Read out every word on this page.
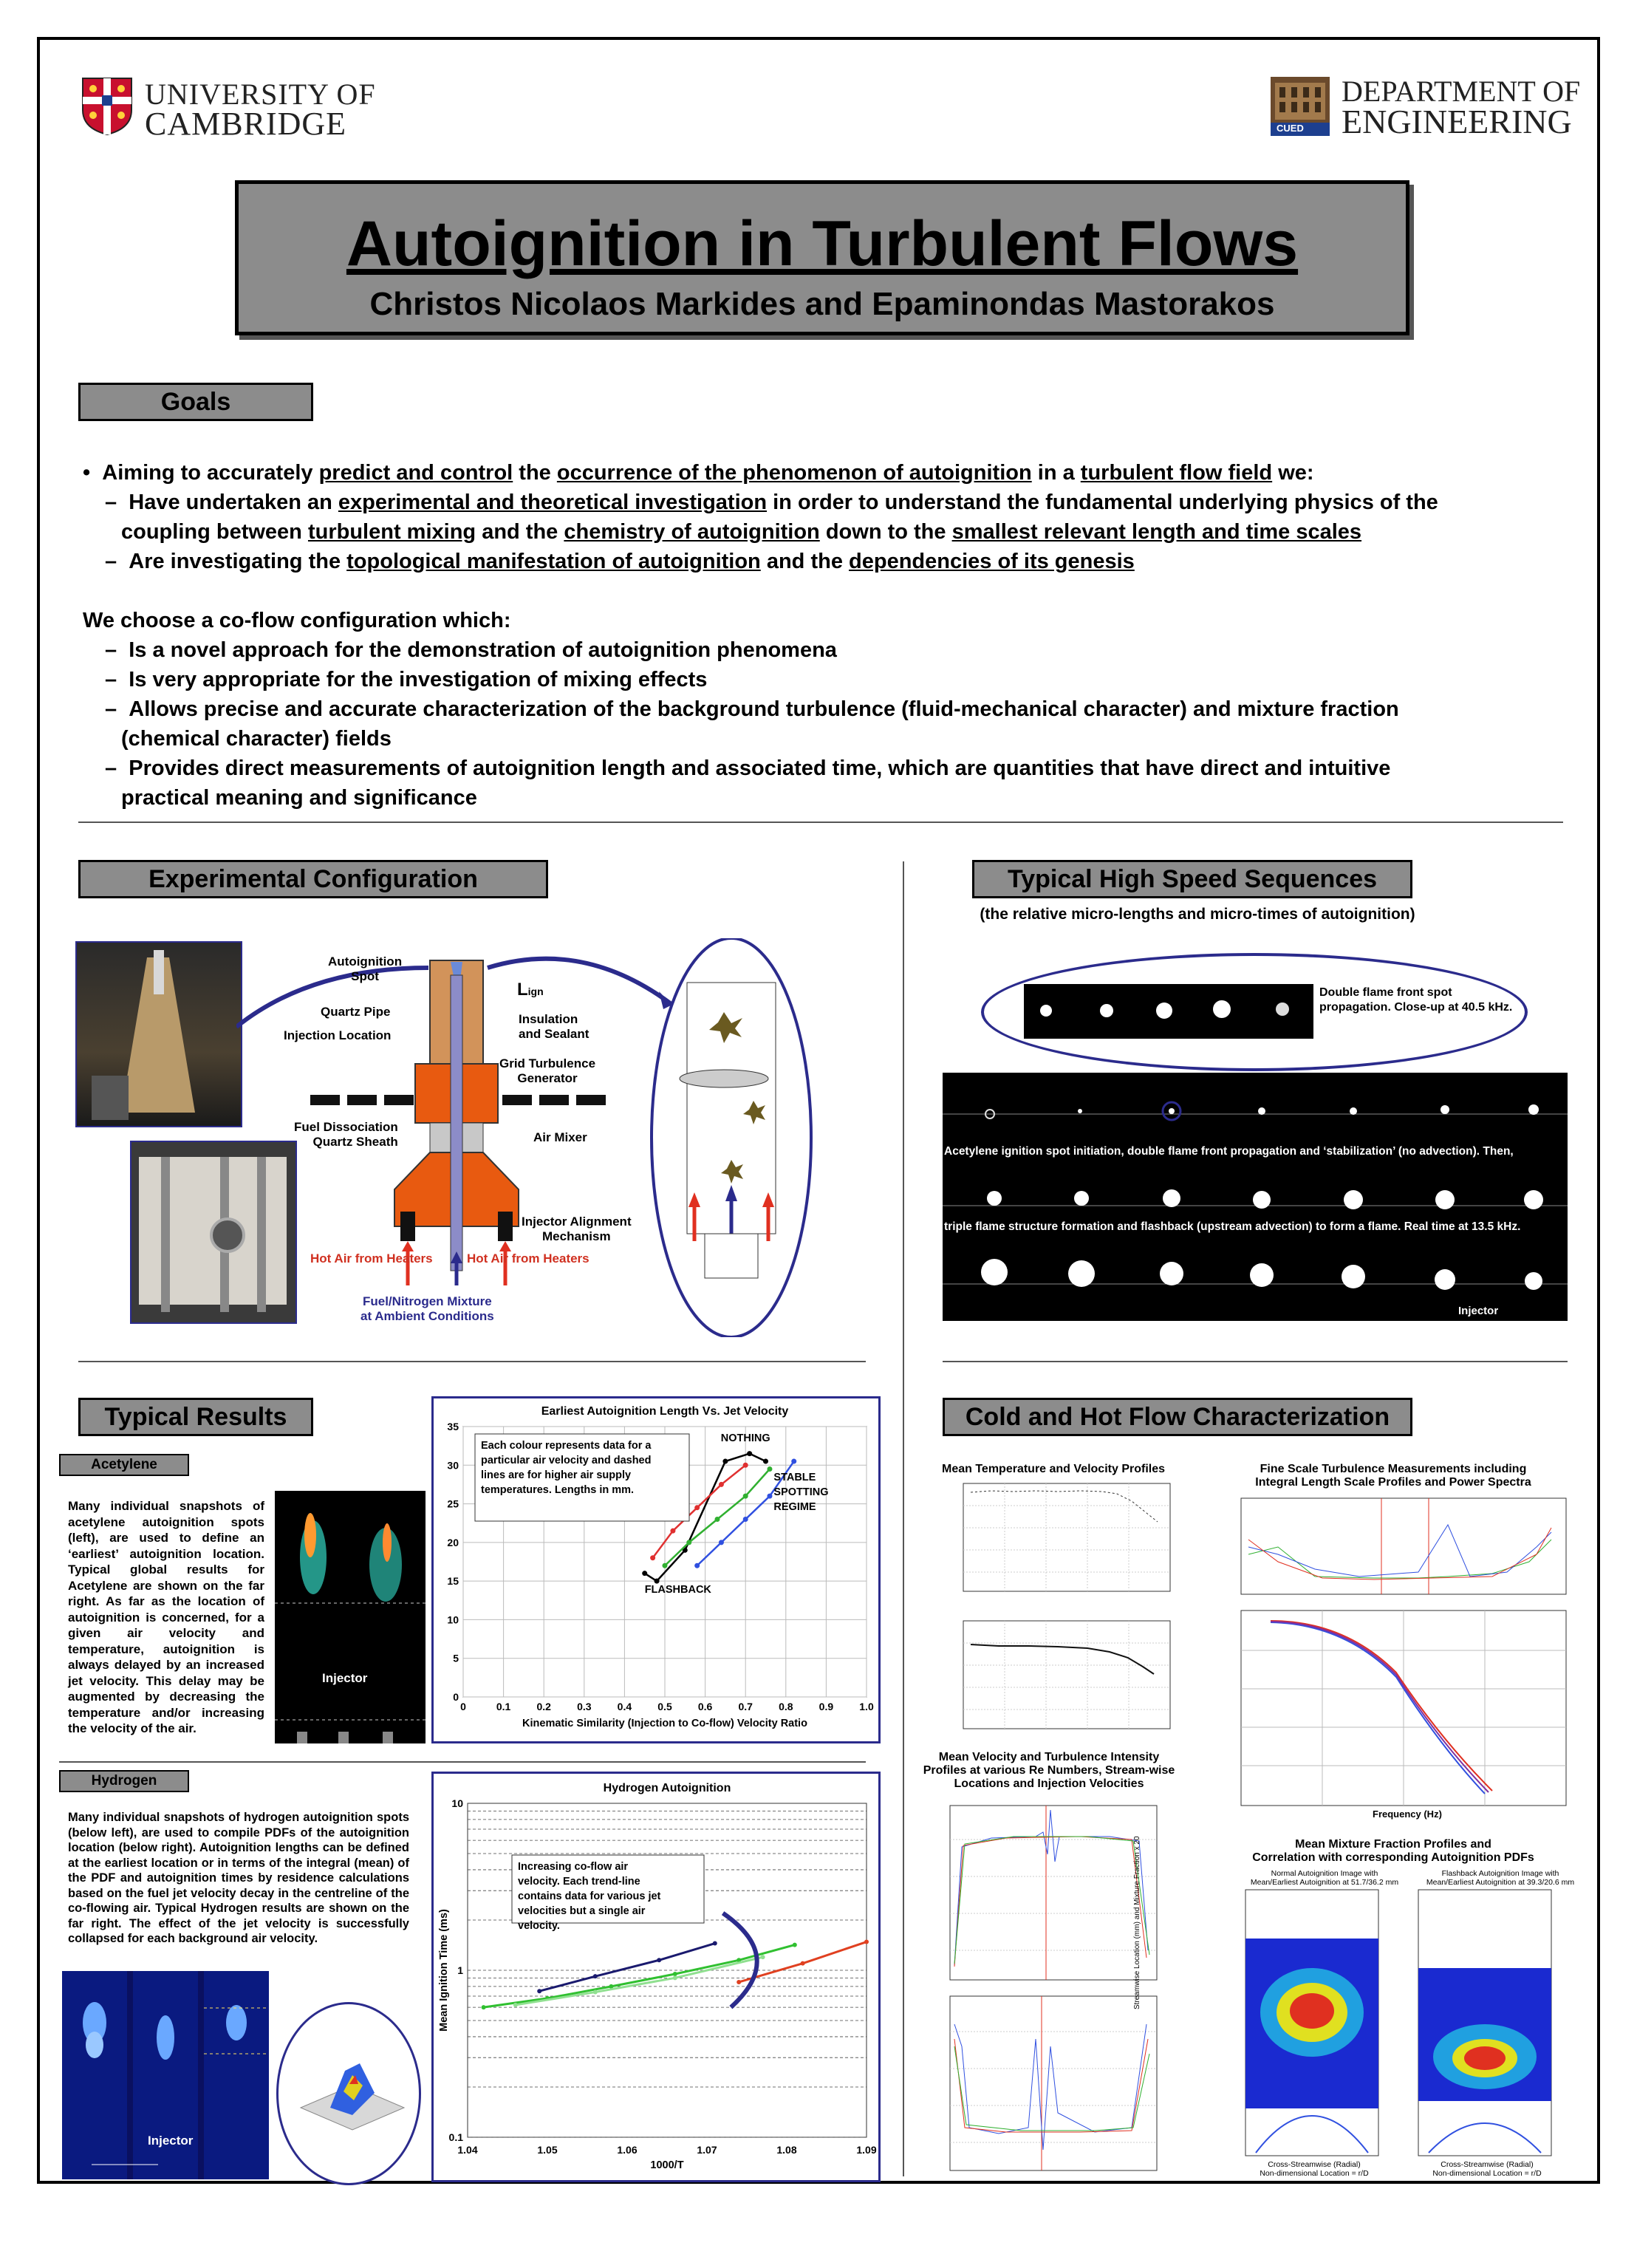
UNIVERSITY OF
CAMBRIDGE	CUED
DEPARTMENT OF
ENGINEERING
Autoignition in Turbulent Flows
Christos Nicolaos Markides and Epaminondas Mastorakos
Goals
•  Aiming to accurately predict and control the occurrence of the phenomenon of autoignition in a turbulent flow field we:
–  Have undertaken an experimental and theoretical investigation in order to understand the fundamental underlying physics of the
coupling between turbulent mixing and the chemistry of autoignition down to the smallest relevant length and time scales
–  Are investigating the topological manifestation of autoignition and the dependencies of its genesis
We choose a co-flow configuration which:
–  Is a novel approach for the demonstration of autoignition phenomena
–  Is very appropriate for the investigation of mixing effects
–  Allows precise and accurate characterization of the background turbulence (fluid-mechanical character) and mixture fraction
(chemical character) fields
–  Provides direct measurements of autoignition length and associated time, which are quantities that have direct and intuitive
practical meaning and significance
Experimental Configuration
Autoignition
Spot
Lign
Quartz Pipe
Injection Location
Insulation
and Sealant
Grid Turbulence
Generator
Fuel Dissociation
Quartz Sheath	Air Mixer
Injector Alignment
Mechanism
Hot Air from Heaters	Hot Air from Heaters
Fuel/Nitrogen Mixture
at Ambient Conditions
Typical High Speed Sequences
(the relative micro-lengths and micro-times of autoignition)
Double flame front spot
propagation. Close-up at 40.5 kHz.
Acetylene ignition spot initiation, double flame front propagation and ‘stabilization’ (no advection). Then,
triple flame structure formation and flashback (upstream advection) to form a flame. Real time at 13.5 kHz.
Injector
Typical Results
Acetylene
Many individual snapshots of acetylene autoignition spots (left), are used to define an ‘earliest’ autoignition location. Typical global results for Acetylene are shown on the far right. As far as the location of autoignition is concerned, for a given air velocity and temperature, autoignition is always delayed by an increased jet velocity. This delay may be augmented by decreasing the temperature and/or increasing the velocity of the air.
Injector
Earliest Autoignition Length Vs. Jet Velocity
0	0.1	0.2	0.3	0.4	0.5	0.6	0.7	0.8	0.9	1.0
0
5
10
15
20
25
30
35
Kinematic Similarity (Injection to Co-flow) Velocity Ratio
Each colour represents data for a
particular air velocity and dashed
lines are for higher air supply
temperatures. Lengths in mm.
NOTHING
STABLE
SPOTTING
REGIME
FLASHBACK
Hydrogen
Many individual snapshots of hydrogen autoignition spots (below left), are used to compile PDFs of the autoignition location (below right). Autoignition lengths can be defined at the earliest location or in terms of the integral (mean) of the PDF and autoignition times by residence calculations based on the fuel jet velocity decay in the centreline of the co-flowing air. Typical Hydrogen results are shown on the far right. The effect of the jet velocity is successfully collapsed for each background air velocity.
Injector
Hydrogen Autoignition
0.1
1
10
1.04	1.05	1.06	1.07	1.08	1.09
1000/T
Mean Ignition Time (ms)
Increasing co-flow air
velocity. Each trend-line
contains data for various jet
velocities but a single air
velocity.
Cold and Hot Flow Characterization
Mean Temperature and Velocity Profiles	Fine Scale Turbulence Measurements including
Integral Length Scale Profiles and Power Spectra
Frequency (Hz)
Mean Velocity and Turbulence Intensity
Profiles at various Re Numbers, Stream-wise
Locations and Injection Velocities
Mean Mixture Fraction Profiles and
Correlation with corresponding Autoignition PDFs
Normal Autoignition Image with
Mean/Earliest Autoignition at 51.7/36.2 mm
Flashback Autoignition Image with
Mean/Earliest Autoignition at 39.3/20.6 mm
Cross-Streamwise (Radial)
Non-dimensional Location = r/D
Cross-Streamwise (Radial)
Non-dimensional Location = r/D
Streamwise Location (mm) and Mixture Fraction x 20
